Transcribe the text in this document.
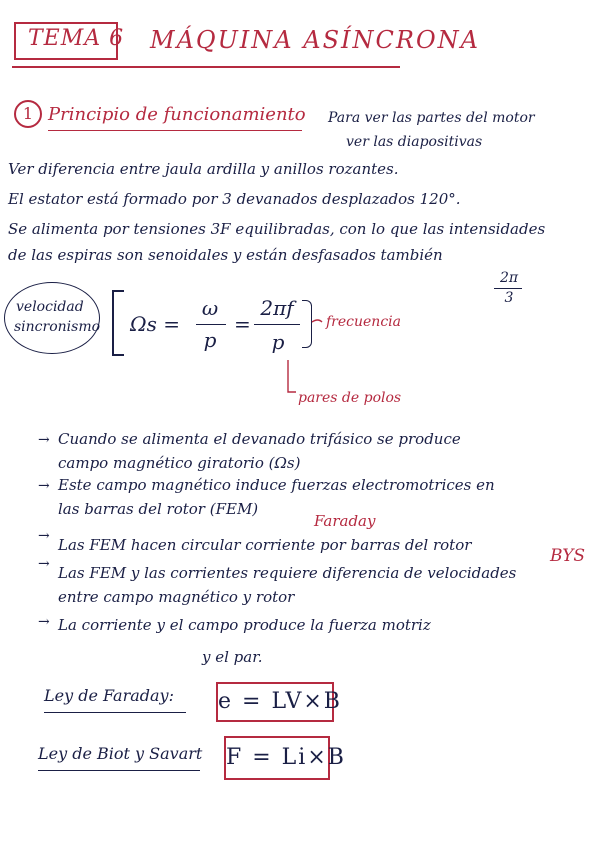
TEMA 6 MÁQUINA ASÍNCRONA
1 Principio de funcionamiento Para ver las partes del motor
ver las diapositivas
Ver diferencia entre jaula ardilla y anillos rozantes.
El estator está formado por 3 devanados desplazados 120°.
Se alimenta por tensiones 3F equilibradas, con lo que las intensidades
de las espiras son senoidales y están desfasados también
2π
3
velocidad
sincronismo Ωs =
ω
p
=
2πf
p
frecuencia
pares de polos
→ Cuando se alimenta el devanado trifásico se produce
campo magnético giratorio (Ωs)
→ Este campo magnético induce fuerzas electromotrices en
las barras del rotor (FEM)
Faraday
→ Las FEM hacen circular corriente por barras del rotor
BYS
→ Las FEM y las corrientes requiere diferencia de velocidades
entre campo magnético y rotor
→ La corriente y el campo produce la fuerza motriz
y el par.
Ley de Faraday: e = LV×B
Ley de Biot y Savart F = Li×B
